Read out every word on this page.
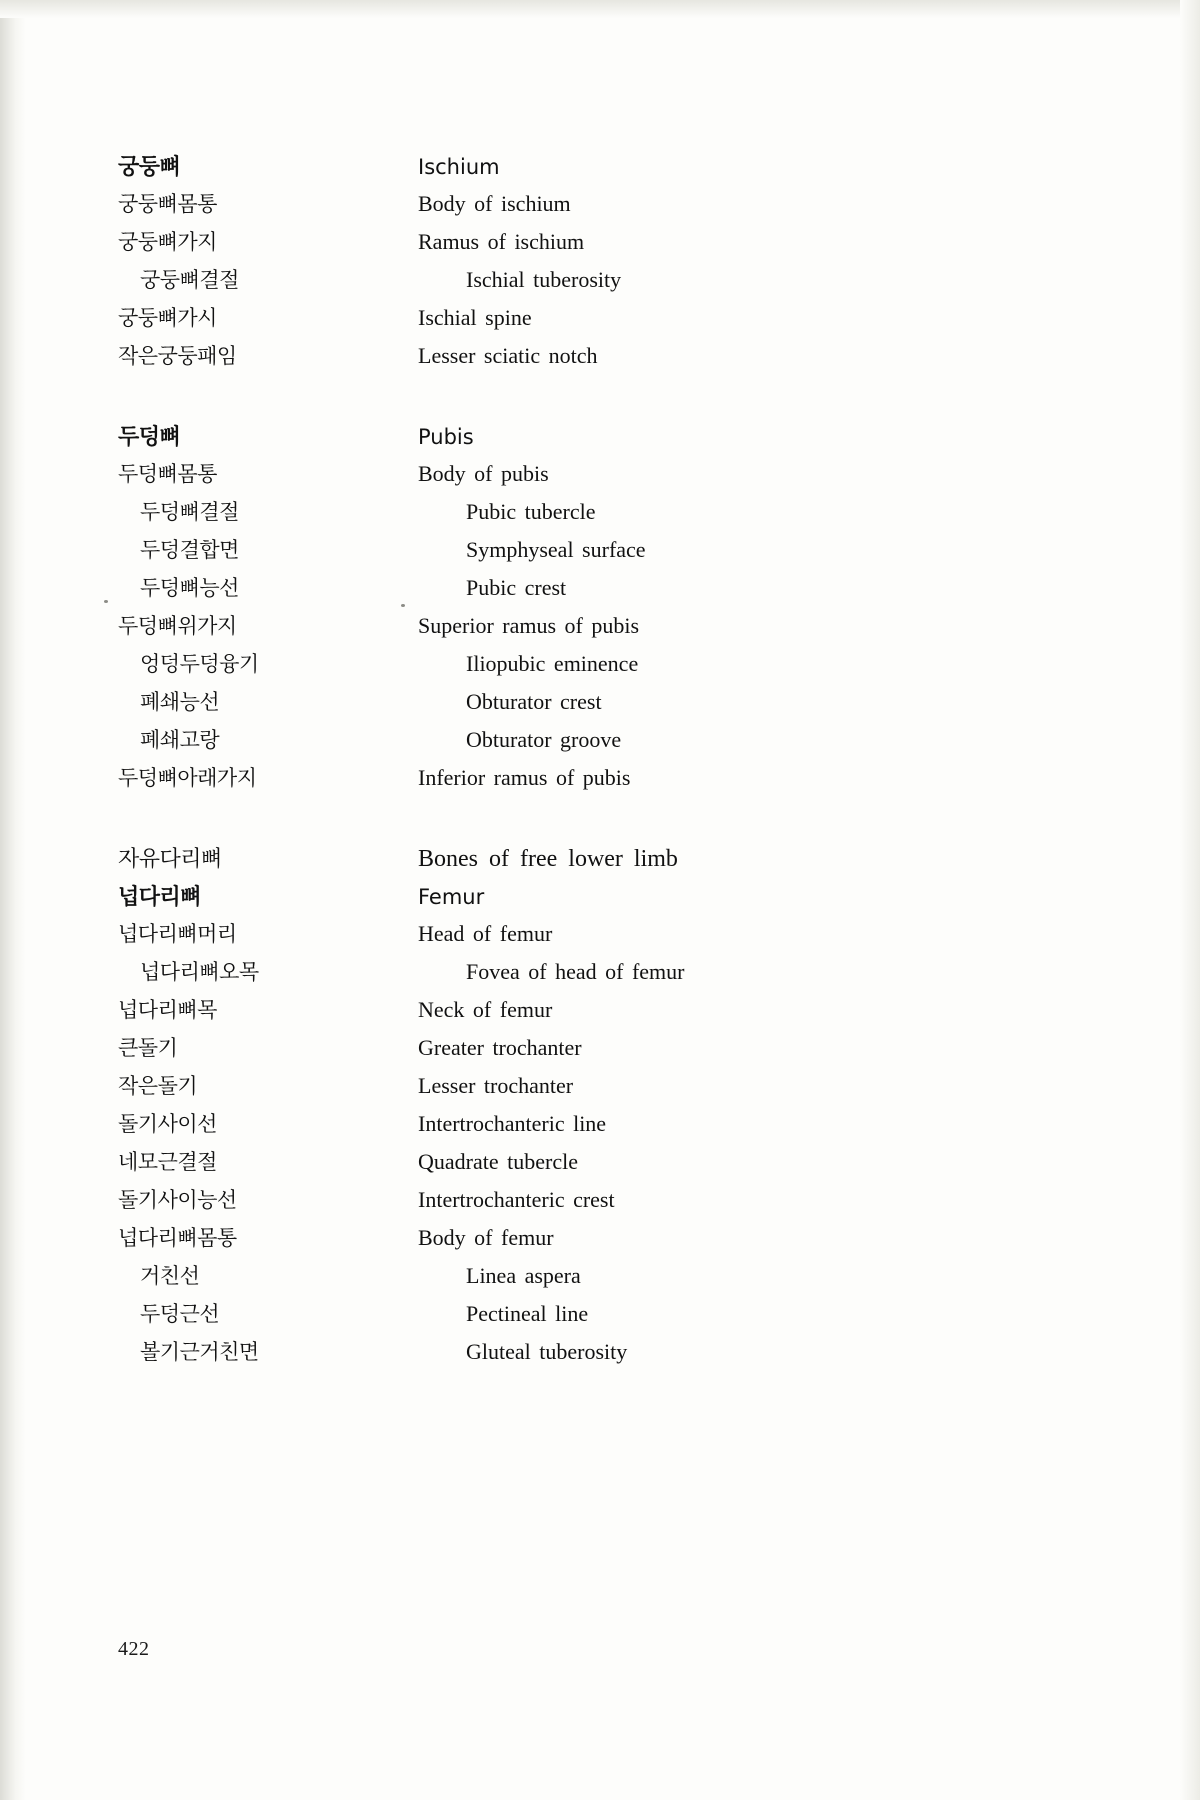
궁둥뼈	Ischium
궁둥뼈몸통	Body of ischium
궁둥뼈가지	Ramus of ischium
궁둥뼈결절	Ischial tuberosity
궁둥뼈가시	Ischial spine
작은궁둥패임	Lesser sciatic notch
두덩뼈	Pubis
두덩뼈몸통	Body of pubis
두덩뼈결절	Pubic tubercle
두덩결합면	Symphyseal surface
두덩뼈능선	Pubic crest
두덩뼈위가지	Superior ramus of pubis
엉덩두덩융기	Iliopubic eminence
폐쇄능선	Obturator crest
폐쇄고랑	Obturator groove
두덩뼈아래가지	Inferior ramus of pubis
자유다리뼈	Bones of free lower limb
넙다리뼈	Femur
넙다리뼈머리	Head of femur
넙다리뼈오목	Fovea of head of femur
넙다리뼈목	Neck of femur
큰돌기	Greater trochanter
작은돌기	Lesser trochanter
돌기사이선	Intertrochanteric line
네모근결절	Quadrate tubercle
돌기사이능선	Intertrochanteric crest
넙다리뼈몸통	Body of femur
거친선	Linea aspera
두덩근선	Pectineal line
볼기근거친면	Gluteal tuberosity
422
